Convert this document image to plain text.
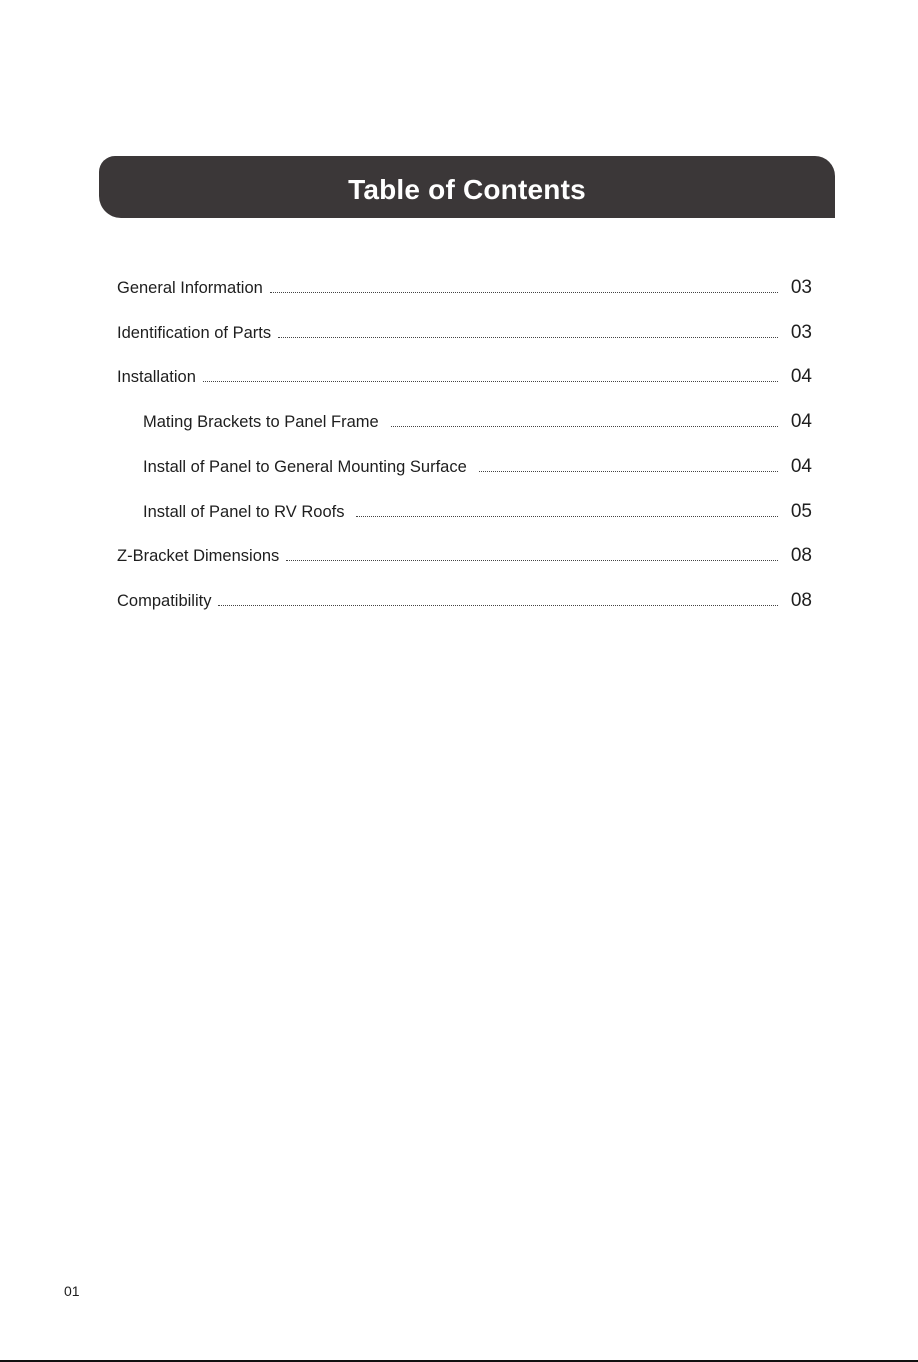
Table of Contents
General Information	03
Identification of Parts	03
Installation	04
Mating Brackets to Panel Frame	04
Install of Panel to General Mounting Surface	04
Install of Panel to RV Roofs	05
Z-Bracket Dimensions	08
Compatibility	08
01
